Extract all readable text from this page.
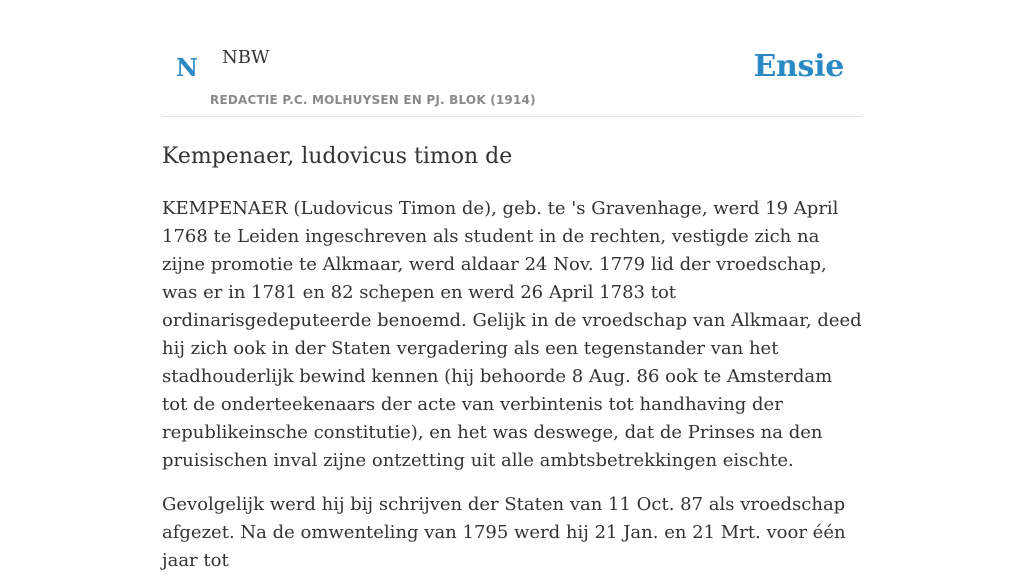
N NBW
REDACTIE P.C. MOLHUYSEN EN PJ. BLOK (1914)
Ensie
Kempenaer, ludovicus timon de

KEMPENAER (Ludovicus Timon de), geb. te 's Gravenhage, werd 19 April 1768 te Leiden ingeschreven als student in de rechten, vestigde zich na zijne promotie te Alkmaar, werd aldaar 24 Nov. 1779 lid der vroedschap, was er in 1781 en 82 schepen en werd 26 April 1783 tot ordinarisgedeputeerde benoemd. Gelijk in de vroedschap van Alkmaar, deed hij zich ook in der Staten vergadering als een tegenstander van het stadhouderlijk bewind kennen (hij behoorde 8 Aug. 86 ook te Amsterdam tot de onderteekenaars der acte van verbintenis tot handhaving der republikeinsche constitutie), en het was deswege, dat de Prinses na den pruisischen inval zijne ontzetting uit alle ambtsbetrekkingen eischte.

Gevolgelijk werd hij bij schrijven der Staten van 11 Oct. 87 als vroedschap afgezet. Na de omwenteling van 1795 werd hij 21 Jan. en 21 Mrt. voor één jaar tot
